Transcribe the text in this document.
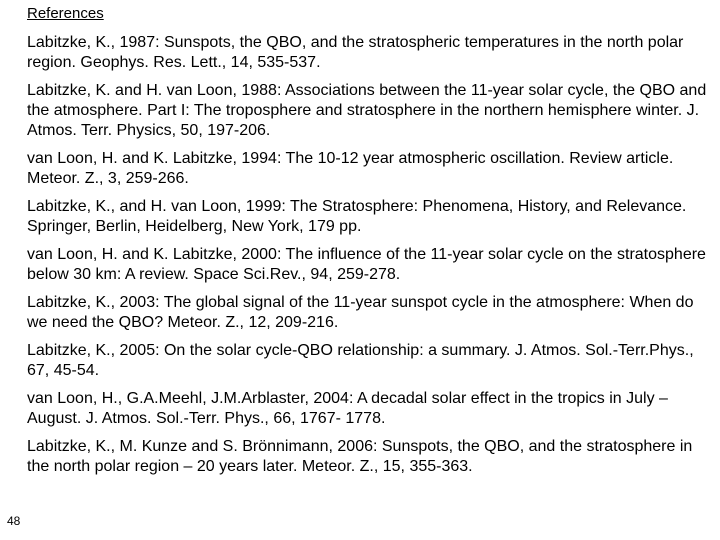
References
Labitzke, K., 1987: Sunspots, the QBO, and the stratospheric temperatures in the north polar region. Geophys. Res. Lett., 14, 535-537.
Labitzke, K. and H. van Loon, 1988: Associations between the 11-year solar cycle, the QBO and the atmosphere. Part I: The troposphere and stratosphere in the northern hemisphere winter. J. Atmos. Terr. Physics, 50, 197-206.
van Loon, H. and K. Labitzke, 1994: The 10-12 year atmospheric oscillation. Review article. Meteor. Z., 3, 259-266.
Labitzke, K., and H. van Loon, 1999: The Stratosphere: Phenomena, History, and Relevance. Springer, Berlin, Heidelberg, New York, 179 pp.
van Loon, H. and K. Labitzke, 2000: The influence of the 11-year solar cycle on the stratosphere below 30 km: A review. Space Sci.Rev., 94, 259-278.
Labitzke, K., 2003: The global signal of the 11-year sunspot cycle in the atmosphere: When do we need the QBO? Meteor. Z., 12, 209-216.
Labitzke, K., 2005: On the solar cycle-QBO relationship: a summary. J. Atmos. Sol.-Terr.Phys., 67, 45-54.
van Loon, H., G.A.Meehl, J.M.Arblaster, 2004: A decadal solar effect in the tropics in July – August. J. Atmos. Sol.-Terr. Phys., 66, 1767- 1778.
Labitzke, K., M. Kunze and S. Brönnimann, 2006: Sunspots, the QBO, and the stratosphere in the north polar region – 20 years later. Meteor. Z., 15, 355-363.
48
